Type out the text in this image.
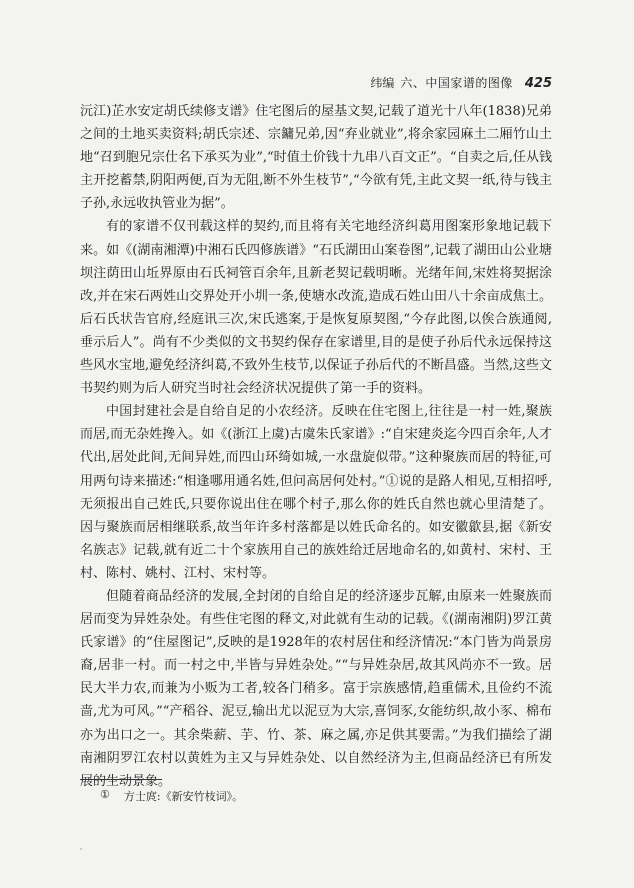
纬编 六、中国家谱的图像 425

沅江)芷水安定胡氏续修支谱》住宅图后的屋基文契,记载了道光十八年(1838)兄弟之间的土地买卖资料;胡氏宗述、宗鏞兄弟,因“弃业就业”,将余家园麻土二厢竹山土地“召到胞兄宗仕名下承买为业”,“时值土价钱十九串八百文正”。“自卖之后,任从钱主开挖蓄禁,阴阳两便,百为无阻,断不外生枝节”,“今欲有凭,主此文契一纸,待与钱主子孙,永远收执管业为据”。

有的家谱不仅刊载这样的契约,而且将有关宅地经济纠葛用图案形象地记载下来。如《(湖南湘潭)中湘石氏四修族谱》“石氏湖田山案卷图”,记载了湖田山公业塘坝注荫田山坵界原由石氏祠管百余年,且新老契记载明晰。光绪年间,宋姓将契据涂改,并在宋石两姓山交界处开小圳一条,使塘水改流,造成石姓山田八十余亩成焦土。后石氏状告官府,经庭讯三次,宋氏逃案,于是恢复原契图,“今存此图,以俟合族通阅,垂示后人”。尚有不少类似的文书契约保存在家谱里,目的是使子孙后代永远保持这些风水宝地,避免经济纠葛,不致外生枝节,以保证子孙后代的不断昌盛。当然,这些文书契约则为后人研究当时社会经济状况提供了第一手的资料。

中国封建社会是自给自足的小农经济。反映在住宅图上,往往是一村一姓,聚族而居,而无杂姓搀入。如《(浙江上虞)古虞朱氏家谱》:“自宋建炎迄今四百余年,人才代出,居处此间,无间异姓,而四山环绮如城,一水盘旋似带。”这种聚族而居的特征,可用两句诗来描述:“相逢哪用通名姓,但问高居何处村。”①说的是路人相见,互相招呼,无须报出自己姓氏,只要你说出住在哪个村子,那么你的姓氏自然也就心里清楚了。因与聚族而居相继联系,故当年许多村落都是以姓氏命名的。如安徽歙县,据《新安名族志》记载,就有近二十个家族用自己的族姓给迁居地命名的,如黄村、宋村、王村、陈村、姚村、江村、宋村等。

但随着商品经济的发展,全封闭的自给自足的经济逐步瓦解,由原来一姓聚族而居而变为异姓杂处。有些住宅图的释文,对此就有生动的记载。《(湖南湘阴)罗江黄氏家谱》的“住屋图记”,反映的是1928年的农村居住和经济情况:“本门皆为尚景房裔,居非一村。而一村之中,半皆与异姓杂处。”“与异姓杂居,故其风尚亦不一致。居民大半力农,而兼为小贩为工者,较各门稍多。富于宗族感情,趋重儒术,且俭约不流啬,尤为可风。”“产稻谷、泥豆,输出尤以泥豆为大宗,喜饲豕,女能纺织,故小豕、棉布亦为出口之一。其余柴薪、芋、竹、茶、麻之属,亦足供其要需。”为我们描绘了湖南湘阴罗江农村以黄姓为主又与异姓杂处、以自然经济为主,但商品经济已有所发展的生动景象。

① 方士庹:《新安竹枝词》。
